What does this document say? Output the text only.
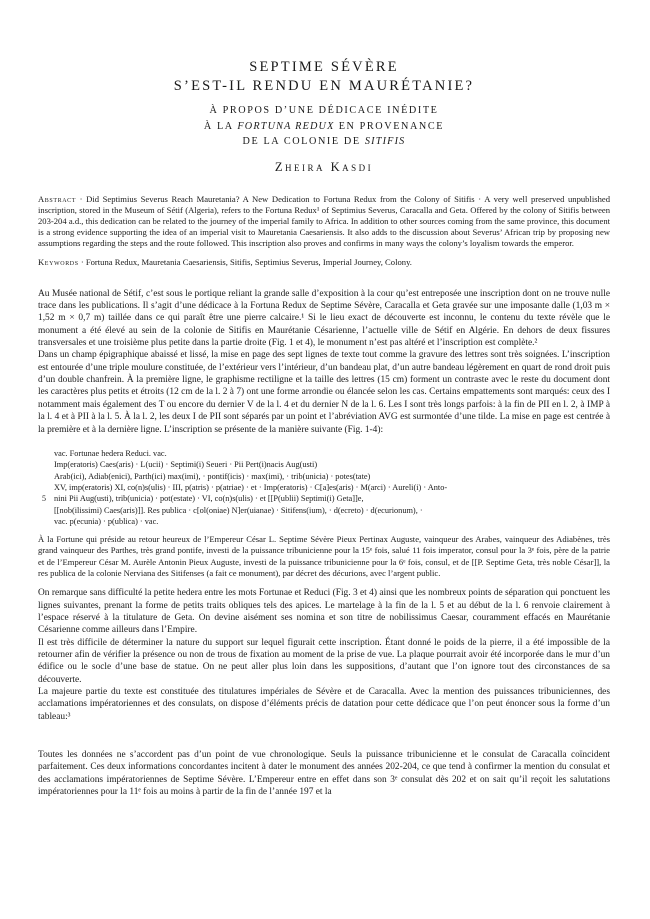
SEPTIME SÉVÈRE
S’EST-IL RENDU EN MAURÉTANIE?
À PROPOS D’UNE DÉDICACE INÉDITE
À LA FORTUNA REDUX EN PROVENANCE
DE LA COLONIE DE SITIFIS
Zheira Kasdi
Abstract · Did Septimius Severus Reach Mauretania? A New Dedication to Fortuna Redux from the Colony of Sitifis · A very well preserved unpublished inscription, stored in the Museum of Sétif (Algeria), refers to the Fortuna Redux¹ of Septimius Severus, Caracalla and Geta. Offered by the colony of Sitifis between 203-204 a.d., this dedication can be related to the journey of the imperial family to Africa. In addition to other sources coming from the same province, this document is a strong evidence supporting the idea of an imperial visit to Mauretania Caesariensis. It also adds to the discussion about Severus’ African trip by proposing new assumptions regarding the steps and the route followed. This inscription also proves and confirms in many ways the colony’s loyalism towards the emperor.
Keywords · Fortuna Redux, Mauretania Caesariensis, Sitifis, Septimius Severus, Imperial Journey, Colony.

Au Musée national de Sétif, c’est sous le portique reliant la grande salle d’exposition à la cour qu’est entreposée une inscription dont on ne trouve nulle trace dans les publications. Il s’agit d’une dédicace à la Fortuna Redux de Septime Sévère, Caracalla et Geta gravée sur une imposante dalle (1,03 m × 1,52 m × 0,7 m) taillée dans ce qui paraît être une pierre calcaire.¹ Si le lieu exact de découverte est inconnu, le contenu du texte révèle que le monument a été élevé au sein de la colonie de Sitifis en Maurétanie Césarienne, l’actuelle ville de Sétif en Algérie. En dehors de deux fissures transversales et une troisième plus petite dans la partie droite (Fig. 1 et 4), le monument n’est pas altéré et l’inscription est complète.²

Dans un champ épigraphique abaissé et lissé, la mise en page des sept lignes de texte tout comme la gravure des lettres sont très soignées. L’inscription est entourée d’une triple moulure constituée, de l’extérieur vers l’intérieur, d’un bandeau plat, d’un autre bandeau légèrement en quart de rond droit puis d’un double chanfrein. À la première ligne, le graphisme rectiligne et la taille des lettres (15 cm) forment un contraste avec le reste du document dont les caractères plus petits et étroits (12 cm de la l. 2 à 7) ont une forme arrondie ou élancée selon les cas. Certains empattements sont marqués: ceux des I notamment mais également des T ou encore du dernier V de la l. 4 et du dernier N de la l. 6. Les I sont très longs parfois: à la fin de PII en l. 2, à IMP à la l. 4 et à PII à la l. 5. À la l. 2, les deux I de PII sont séparés par un point et l’abréviation AVG est surmontée d’une tilde. La mise en page est centrée à la première et à la dernière ligne. L’inscription se présente de la manière suivante (Fig. 1-4):

vac. Fortunae hedera Reduci. vac.
Imp(eratoris) Caes(aris) · L(ucii) · Septimi(i) Seueri · Pii Pert(i)nacis Aug(usti)
Arab(ici), Adiab(enici), Parth(ici) max(imi), · pontif(icis) · max(imi), · trib(unicia) · potes(tate)
XV, imp(eratoris) XI, co(n)s(ulis) · III, p(atris) · p(atriae) · et · Imp(eratoris) · C[a]es(aris) · M(arci) · Aureli(i) · Anto-
nini Pii Aug(usti), trib(unicia) · pot(estate) · VI, co(n)s(ulis) · et [[P(ublii) Septimi(i) Geta]]e,
[[nob(ilissimi) Caes(aris)]]. Res publica · c[ol(oniae) N]er(uianae) · Sitifens(ium), · d(ecreto) · d(ecurionum), ·
vac. p(ecunia) · p(ublica) · vac.
5
À la Fortune qui préside au retour heureux de l’Empereur César L. Septime Sévère Pieux Pertinax Auguste, vainqueur des Arabes, vainqueur des Adiabènes, très grand vainqueur des Parthes, très grand pontife, investi de la puissance tribunicienne pour la 15ᵉ fois, salué 11 fois imperator, consul pour la 3ᵉ fois, père de la patrie et de l’Empereur César M. Aurèle Antonin Pieux Auguste, investi de la puissance tribunicienne pour la 6ᵉ fois, consul, et de [[P. Septime Geta, très noble César]], la res publica de la colonie Nerviana des Sitifenses (a fait ce monument), par décret des décurions, avec l’argent public.

On remarque sans difficulté la petite hedera entre les mots Fortunae et Reduci (Fig. 3 et 4) ainsi que les nombreux points de séparation qui ponctuent les lignes suivantes, prenant la forme de petits traits obliques tels des apices. Le martelage à la fin de la l. 5 et au début de la l. 6 renvoie clairement à l’espace réservé à la titulature de Geta. On devine aisément ses nomina et son titre de nobilissimus Caesar, couramment effacés en Maurétanie Césarienne comme ailleurs dans l’Empire.

Il est très difficile de déterminer la nature du support sur lequel figurait cette inscription. Étant donné le poids de la pierre, il a été impossible de la retourner afin de vérifier la présence ou non de trous de fixation au moment de la prise de vue. La plaque pourrait avoir été incorporée dans le mur d’un édifice ou le socle d’une base de statue. On ne peut aller plus loin dans les suppositions, d’autant que l’on ignore tout des circonstances de sa découverte.

La majeure partie du texte est constituée des titulatures impériales de Sévère et de Caracalla. Avec la mention des puissances tribuniciennes, des acclamations impératoriennes et des consulats, on dispose d’éléments précis de datation pour cette dédicace que l’on peut énoncer sous la forme d’un tableau:³

Toutes les données ne s’accordent pas d’un point de vue chronologique. Seuls la puissance tribunicienne et le consulat de Caracalla coïncident parfaitement. Ces deux informations concordantes incitent à dater le monument des années 202-204, ce que tend à confirmer la mention du consulat et des acclamations impératoriennes de Septime Sévère. L’Empereur entre en effet dans son 3ᵉ consulat dès 202 et on sait qu’il reçoit les salutations impératoriennes pour la 11ᵉ fois au moins à partir de la fin de l’année 197 et la
